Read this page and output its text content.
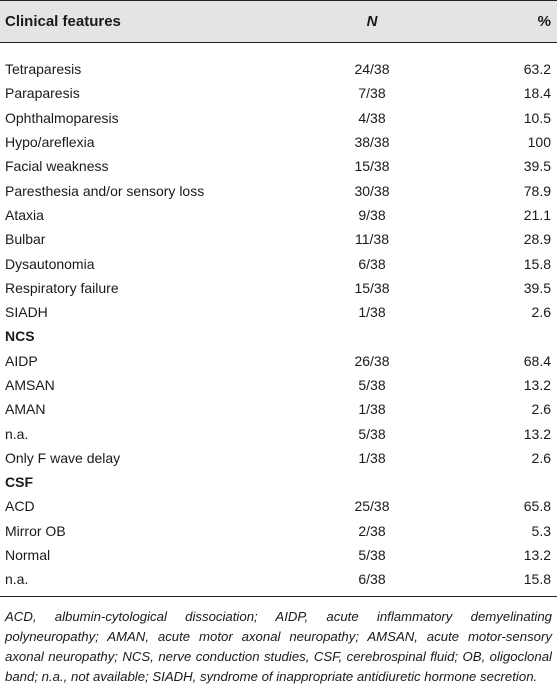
Clinical features	N	%
Tetraparesis	24/38	63.2
Paraparesis	7/38	18.4
Ophthalmoparesis	4/38	10.5
Hypo/areflexia	38/38	100
Facial weakness	15/38	39.5
Paresthesia and/or sensory loss	30/38	78.9
Ataxia	9/38	21.1
Bulbar	11/38	28.9
Dysautonomia	6/38	15.8
Respiratory failure	15/38	39.5
SIADH	1/38	2.6
NCS
AIDP	26/38	68.4
AMSAN	5/38	13.2
AMAN	1/38	2.6
n.a.	5/38	13.2
Only F wave delay	1/38	2.6
CSF
ACD	25/38	65.8
Mirror OB	2/38	5.3
Normal	5/38	13.2
n.a.	6/38	15.8
ACD, albumin-cytological dissociation; AIDP, acute inflammatory demyelinating polyneuropathy; AMAN, acute motor axonal neuropathy; AMSAN, acute motor-sensory axonal neuropathy; NCS, nerve conduction studies, CSF, cerebrospinal fluid; OB, oligoclonal band; n.a., not available; SIADH, syndrome of inappropriate antidiuretic hormone secretion.
